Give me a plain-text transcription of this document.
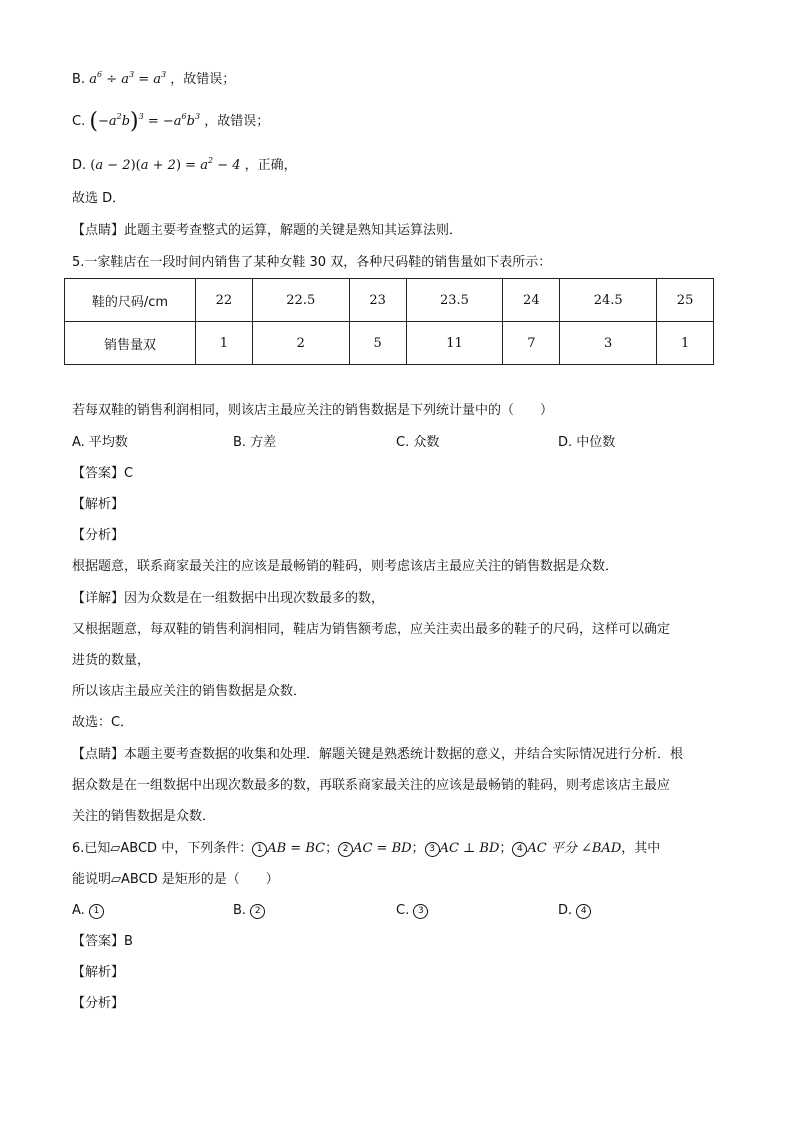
B. $a^6 \div a^3 = a^3$ ，故错误；
C. $(-a^2b)^3 = -a^6b^3$ ，故错误；
D. $(a - 2)(a + 2) = a^2 - 4$ ，正确，
故选 D．
【点睛】此题主要考查整式的运算，解题的关键是熟知其运算法则．
5.一家鞋店在一段时间内销售了某种女鞋 30 双，各种尺码鞋的销售量如下表所示：
鞋的尺码/cm	22	22.5	23	23.5	24	24.5	25
销售量双	1	2	5	11	7	3	1
若每双鞋的销售利润相同，则该店主最应关注的销售数据是下列统计量中的（　　）
A. 平均数	B. 方差	C. 众数	D. 中位数
【答案】C
【解析】
【分析】
根据题意，联系商家最关注的应该是最畅销的鞋码，则考虑该店主最应关注的销售数据是众数．
【详解】因为众数是在一组数据中出现次数最多的数，
又根据题意，每双鞋的销售利润相同，鞋店为销售额考虑，应关注卖出最多的鞋子的尺码，这样可以确定
进货的数量，
所以该店主最应关注的销售数据是众数．
故选：C．
【点睛】本题主要考查数据的收集和处理．解题关键是熟悉统计数据的意义，并结合实际情况进行分析．根
据众数是在一组数据中出现次数最多的数，再联系商家最关注的应该是最畅销的鞋码，则考虑该店主最应
关注的销售数据是众数．
6.已知▱ABCD 中，下列条件： 1 AB = BC； 2 AC = BD； 3 AC ⊥ BD； 4 AC 平分 ∠BAD，其中
能说明▱ABCD 是矩形的是（　　）
A. 1	B. 2	C. 3	D. 4
【答案】B
【解析】
【分析】
